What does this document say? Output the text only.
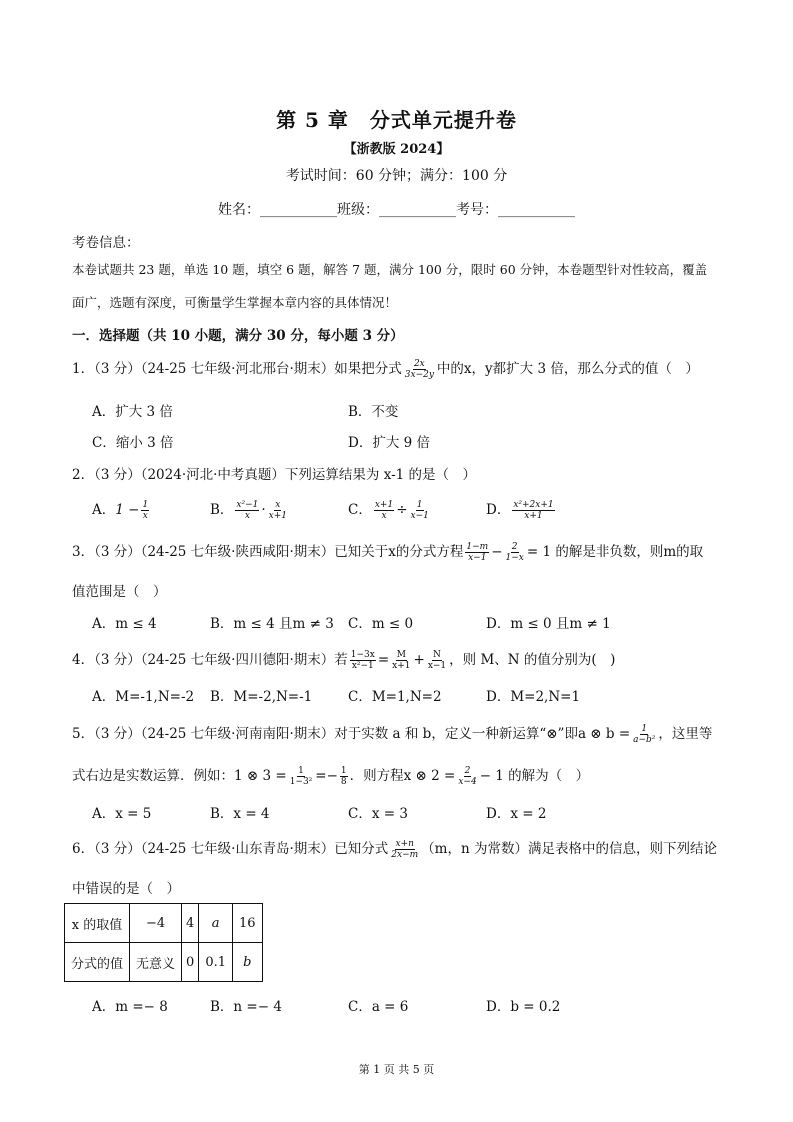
第 5 章　分式单元提升卷
【浙教版 2024】
考试时间：60 分钟；满分：100 分
姓名：___________班级：___________考号：___________
考卷信息：
本卷试题共 23 题，单选 10 题，填空 6 题，解答 7 题，满分 100 分，限时 60 分钟，本卷题型针对性较高，覆盖
面广，选题有深度，可衡量学生掌握本章内容的具体情况！
一．选择题（共 10 小题，满分 30 分，每小题 3 分）
1．（3 分）（24-25 七年级·河北邢台·期末）如果把分式 $\frac{2x}{3x-2y}$ 中的x，y都扩大 3 倍，那么分式的值（　）
A．扩大 3 倍	B．不变
C．缩小 3 倍	D．扩大 9 倍
2．（3 分）（2024·河北·中考真题）下列运算结果为 x-1 的是（　）
A．$1 - \frac{1}{x}$	B． $\frac{\text{x²−1}}{x} \cdot \frac{x}{x+1}$	C． $\frac{x+1}{x} \div \frac{1}{x-1}$	D． $\frac{\text{x²+2x+1}}{x+1}$
3．（3 分）（24-25 七年级·陕西咸阳·期末）已知关于x的分式方程 $\frac{1-m}{x-1} - \frac{2}{1-x} = 1$ 的解是非负数，则m的取
值范围是（　）
A．m ≤ 4	B．m ≤ 4 且m ≠ 3 C．m ≤ 0	D．m ≤ 0 且m ≠ 1
4．（3 分）（24-25 七年级·四川德阳·期末）若 $\frac{1-3x}{\text{x²−1}} = \frac{M}{x+1} + \frac{N}{x-1}$ ，则 M、N 的值分别为(　)
A．M=-1,N=-2 B．M=-2,N=-1	C．M=1,N=2	D．M=2,N=1
5．（3 分）（24-25 七年级·河南南阳·期末）对于实数 a 和 b，定义一种新运算“⊗”即a ⊗ $b = \frac{1}{\text{a−b²}}$ ，这里等
式右边是实数运算．例如：1 ⊗ $3 = \frac{1}{\text{1−3²}} =- \frac{1}{8}$ ．则方程x ⊗ $2 = \frac{2}{x-4} - 1$ 的解为（　）
A．x = 5	B．x = 4	C．x = 3	D．x = 2
6．（3 分）（24-25 七年级·山东青岛·期末）已知分式 $\frac{x+n}{2x-m} (m$，n 为常数）满足表格中的信息，则下列结论
中错误的是（　）
x 的取值	−4	4	a	16
分式的值	无意义	0	0.1	b
A．m =− 8	B．n =− 4	C．a = 6	D．b = 0.2
第 1 页 共 5 页
